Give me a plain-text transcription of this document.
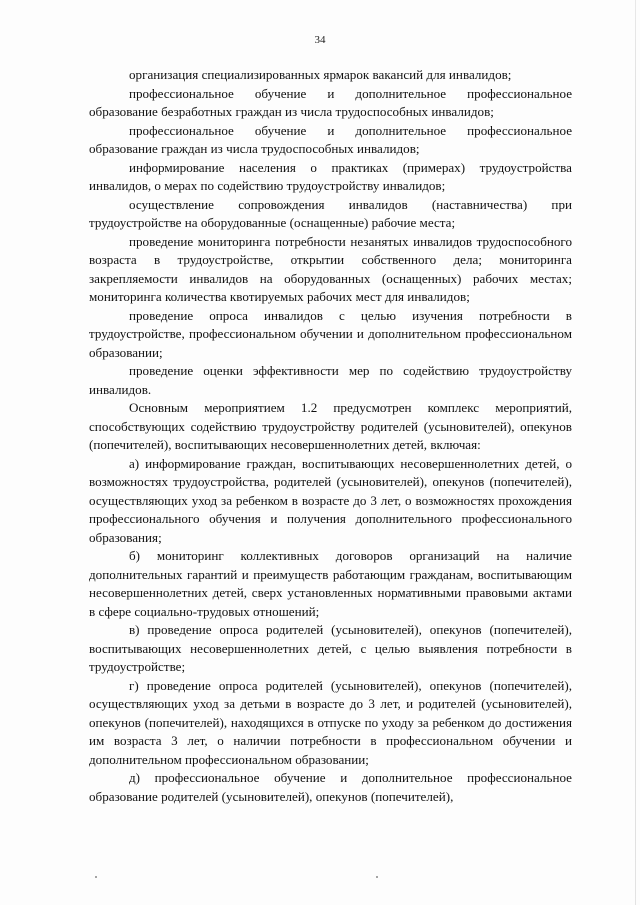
34

организация специализированных ярмарок вакансий для инвалидов;

профессиональное обучение и дополнительное профессиональное образование безработных граждан из числа трудоспособных инвалидов;

профессиональное обучение и дополнительное профессиональное образование граждан из числа трудоспособных инвалидов;

информирование населения о практиках (примерах) трудоустройства инвалидов, о мерах по содействию трудоустройству инвалидов;

осуществление сопровождения инвалидов (наставничества) при трудоустройстве на оборудованные (оснащенные) рабочие места;

проведение мониторинга потребности незанятых инвалидов трудоспособного возраста в трудоустройстве, открытии собственного дела; мониторинга закрепляемости инвалидов на оборудованных (оснащенных) рабочих местах; мониторинга количества квотируемых рабочих мест для инвалидов;

проведение опроса инвалидов с целью изучения потребности в трудоустройстве, профессиональном обучении и дополнительном профессиональном образовании;

проведение оценки эффективности мер по содействию трудоустройству инвалидов.

Основным мероприятием 1.2 предусмотрен комплекс мероприятий, способствующих содействию трудоустройству родителей (усыновителей), опекунов (попечителей), воспитывающих несовершеннолетних детей, включая:

а) информирование граждан, воспитывающих несовершеннолетних детей, о возможностях трудоустройства, родителей (усыновителей), опекунов (попечителей), осуществляющих уход за ребенком в возрасте до 3 лет, о возможностях прохождения профессионального обучения и получения дополнительного профессионального образования;

б) мониторинг коллективных договоров организаций на наличие дополнительных гарантий и преимуществ работающим гражданам, воспитывающим несовершеннолетних детей, сверх установленных нормативными правовыми актами в сфере социально-трудовых отношений;

в) проведение опроса родителей (усыновителей), опекунов (попечителей), воспитывающих несовершеннолетних детей, с целью выявления потребности в трудоустройстве;

г) проведение опроса родителей (усыновителей), опекунов (попечителей), осуществляющих уход за детьми в возрасте до 3 лет, и родителей (усыновителей), опекунов (попечителей), находящихся в отпуске по уходу за ребенком до достижения им возраста 3 лет, о наличии потребности в профессиональном обучении и дополнительном профессиональном образовании;

д) профессиональное обучение и дополнительное профессиональное образование родителей (усыновителей), опекунов (попечителей),
